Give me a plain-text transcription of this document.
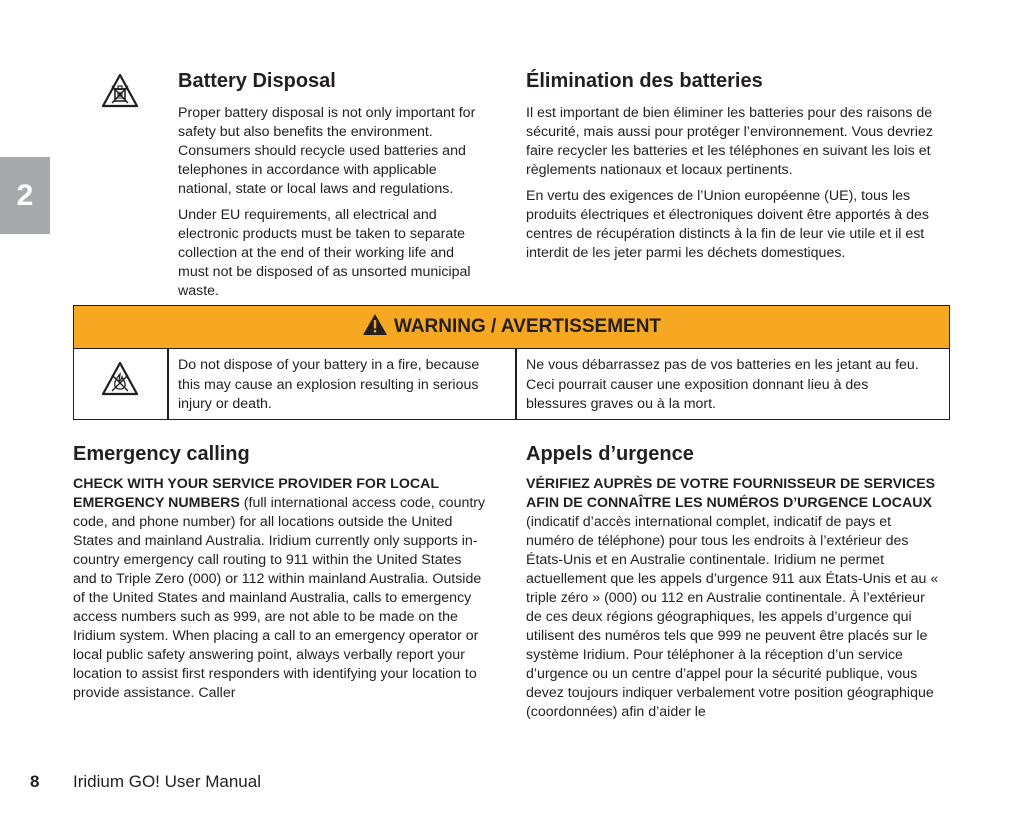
2
Battery Disposal

Proper battery disposal is not only important for safety but also benefits the environment. Consumers should recycle used batteries and telephones in accordance with applicable national, state or local laws and regulations.

Under EU requirements, all electrical and electronic products must be taken to separate collection at the end of their working life and must not be disposed of as unsorted municipal waste.

Élimination des batteries

Il est important de bien éliminer les batteries pour des raisons de sécurité, mais aussi pour protéger l’environnement. Vous devriez faire recycler les batteries et les téléphones en suivant les lois et règlements nationaux et locaux pertinents.

En vertu des exigences de l’Union européenne (UE), tous les produits électriques et électroniques doivent être apportés à des centres de récupération distincts à la fin de leur vie utile et il est interdit de les jeter parmi les déchets domestiques.

WARNING / AVERTISSEMENT
Do not dispose of your battery in a fire, because this may cause an explosion resulting in serious injury or death.
Ne vous débarrassez pas de vos batteries en les jetant au feu. Ceci pourrait causer une exposition donnant lieu à des blessures graves ou à la mort.
Emergency calling

CHECK WITH YOUR SERVICE PROVIDER FOR LOCAL EMERGENCY NUMBERS (full international access code, country code, and phone number) for all locations outside the United States and mainland Australia. Iridium currently only supports in-country emergency call routing to 911 within the United States and to Triple Zero (000) or 112 within mainland Australia. Outside of the United States and mainland Australia, calls to emergency access numbers such as 999, are not able to be made on the Iridium system. When placing a call to an emergency operator or local public safety answering point, always verbally report your location to assist first responders with identifying your location to provide assistance. Caller

Appels d’urgence

VÉRIFIEZ AUPRÈS DE VOTRE FOURNISSEUR DE SERVICES AFIN DE CONNAÎTRE LES NUMÉROS D’URGENCE LOCAUX (indicatif d’accès international complet, indicatif de pays et numéro de téléphone) pour tous les endroits à l’extérieur des États-Unis et en Australie continentale. Iridium ne permet actuellement que les appels d’urgence 911 aux États-Unis et au « triple zéro » (000) ou 112 en Australie continentale. À l’extérieur de ces deux régions géographiques, les appels d’urgence qui utilisent des numéros tels que 999 ne peuvent être placés sur le système Iridium. Pour téléphoner à la réception d’un service d’urgence ou un centre d’appel pour la sécurité publique, vous devez toujours indiquer verbalement votre position géographique (coordonnées) afin d’aider le

8 Iridium GO! User Manual
